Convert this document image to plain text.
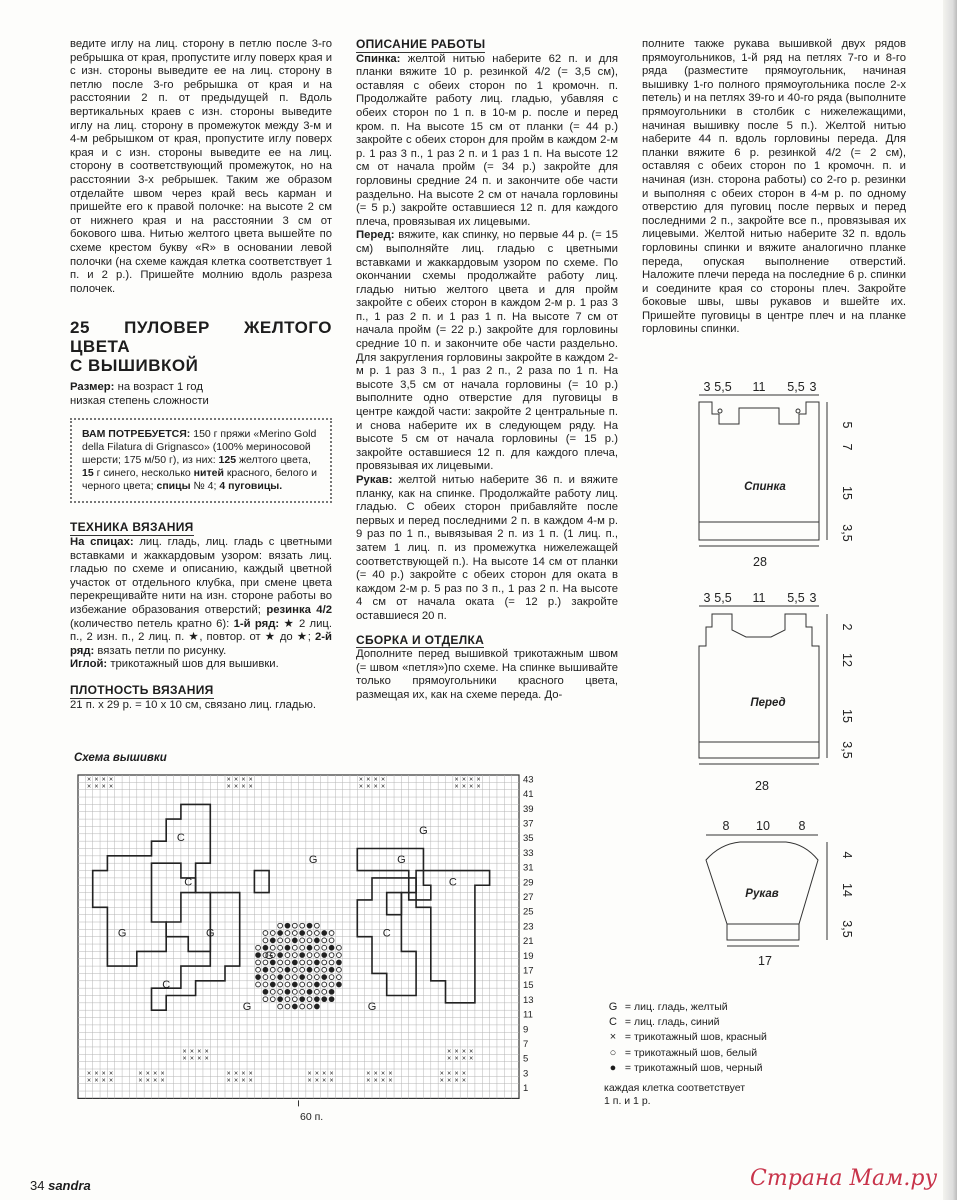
ведите иглу на лиц. сторону в петлю после 3-го ребрышка от края, пропустите иглу поверх края и с изн. стороны выведите ее на лиц. сторону в петлю после 3-го ребрышка от края и на расстоянии 2 п. от предыдущей п. Вдоль вертикальных краев с изн. стороны выведите иглу на лиц. сторону в промежуток между 3-м и 4-м ребрышком от края, пропустите иглу поверх края и с изн. стороны выведите ее на лиц. сторону в соответствующий промежуток, но на расстоянии 3-х ребрышек. Таким же образом отделайте швом через край весь карман и пришейте его к правой полочке: на высоте 2 см от нижнего края и на расстоянии 3 см от бокового шва. Нитью желтого цвета вышейте по схеме крестом букву «R» в основании левой полочки (на схеме каждая клетка соответствует 1 п. и 2 р.). Пришейте молнию вдоль разреза полочек.

25 ПУЛОВЕР ЖЕЛТОГО ЦВЕТА
С ВЫШИВКОЙ

Размер: на возраст 1 год

низкая степень сложности

ВАМ ПОТРЕБУЕТСЯ: 150 г пряжи «Merino Gold della Filatura di Grignasco» (100% мериносовой шерсти; 175 м/50 г), из них: 125 желтого цвета, 15 г синего, несколько нитей красного, белого и черного цвета; спицы № 4; 4 пуговицы.
ТЕХНИКА ВЯЗАНИЯ

На спицах: лиц. гладь, лиц. гладь с цветными вставками и жаккардовым узором: вязать лиц. гладью по схеме и описанию, каждый цветной участок от отдельного клубка, при смене цвета перекрещивайте нити на изн. стороне работы во избежание образования отверстий; резинка 4/2 (количество петель кратно 6): 1-й ряд: ★ 2 лиц. п., 2 изн. п., 2 лиц. п. ★, повтор. от ★ до ★; 2-й ряд: вязать петли по рисунку.
Иглой: трикотажный шов для вышивки.

ПЛОТНОСТЬ ВЯЗАНИЯ

21 п. х 29 р. = 10 х 10 см, связано лиц. гладью.

ОПИСАНИЕ РАБОТЫ

Спинка: желтой нитью наберите 62 п. и для планки вяжите 10 р. резинкой 4/2 (= 3,5 см), оставляя с обеих сторон по 1 кромочн. п. Продолжайте работу лиц. гладью, убавляя с обеих сторон по 1 п. в 10-м р. после и перед кром. п. На высоте 15 см от планки (= 44 р.) закройте с обеих сторон для пройм в каждом 2-м р. 1 раз 3 п., 1 раз 2 п. и 1 раз 1 п. На высоте 12 см от начала пройм (= 34 р.) закройте для горловины средние 24 п. и закончите обе части раздельно. На высоте 2 см от начала горловины (= 5 р.) закройте оставшиеся 12 п. для каждого плеча, провязывая их лицевыми.

Перед: вяжите, как спинку, но первые 44 р. (= 15 см) выполняйте лиц. гладью с цветными вставками и жаккардовым узором по схеме. По окончании схемы продолжайте работу лиц. гладью нитью желтого цвета и для пройм закройте с обеих сторон в каждом 2-м р. 1 раз 3 п., 1 раз 2 п. и 1 раз 1 п. На высоте 7 см от начала пройм (= 22 р.) закройте для горловины средние 10 п. и закончите обе части раздельно. Для закругления горловины закройте в каждом 2-м р. 1 раз 3 п., 1 раз 2 п., 2 раза по 1 п. На высоте 3,5 см от начала горловины (= 10 р.) выполните одно отверстие для пуговицы в центре каждой части: закройте 2 центральные п. и снова наберите их в следующем ряду. На высоте 5 см от начала горловины (= 15 р.) закройте оставшиеся 12 п. для каждого плеча, провязывая их лицевыми.

Рукав: желтой нитью наберите 36 п. и вяжите планку, как на спинке. Продолжайте работу лиц. гладью. С обеих сторон прибавляйте после первых и перед последними 2 п. в каждом 4-м р. 9 раз по 1 п., вывязывая 2 п. из 1 п. (1 лиц. п., затем 1 лиц. п. из промежутка нижележащей соответствующей п.). На высоте 14 см от планки (= 40 р.) закройте с обеих сторон для оката в каждом 2-м р. 5 раз по 3 п., 1 раз 2 п. На высоте 4 см от начала оката (= 12 р.) закройте оставшиеся 20 п.

СБОРКА И ОТДЕЛКА

Дополните перед вышивкой трикотажным швом (= швом «петля»)по схеме. На спинке вышивайте только прямоугольники красного цвета, размещая их, как на схеме переда. До-

полните также рукава вышивкой двух рядов прямоугольников, 1-й ряд на петлях 7-го и 8-го ряда (разместите прямоугольник, начиная вышивку 1-го полного прямоугольника после 2-х петель) и на петлях 39-го и 40-го ряда (выполните прямоугольники в столбик с нижележащими, начиная вышивку после 5 п.). Желтой нитью наберите 44 п. вдоль горловины переда. Для планки вяжите 6 р. резинкой 4/2 (= 2 см), оставляя с обеих сторон по 1 кромочн. п. и начиная (изн. сторона работы) со 2-го р. резинки и выполняя с обеих сторон в 4-м р. по одному отверстию для пуговиц после первых и перед последними 2 п., закройте все п., провязывая их лицевыми. Желтой нитью наберите 32 п. вдоль горловины спинки и вяжите аналогично планке переда, опуская выполнение отверстий. Наложите плечи переда на последние 6 р. спинки и соедините края со стороны плеч. Закройте боковые швы, швы рукавов и вшейте их. Пришейте пуговицы в центре плеч и на планке горловины спинки.

3 5,5 11 5,5 3
Спинка
28
5
7
15
3,5
3 5,5 11 5,5 3
Перед
28
2
12
15
3,5
8 10 8
Рукав
17
4
14
3,5
Схема вышивки
×
×
×
×
×
×
×
×
×
×
×
×
×
×
×
×
×
×
×
×
×
×
×
×
×
×
×
×
×
×
×
×
×
×
×
×
×
×
×
×
×
×
×
×
×
×
×
×
×
×
×
×
×
×
×
×
×
×
×
×
×
×
×
×
×
×
×
×
×
×
×
×
×
×
×
×
×
×
×
×
×
×
×
×
×
×
×
×
×
×
×
×
×
×
×
×
C
C
G
G
C
G
G
C
G	C
G
G
G
43
41
39
37
35
33
31
29
27
25
23
21
19
17
15
13
11
9
7
5
3
1
60 п.
G = лиц. гладь, желтый
C = лиц. гладь, синий
× = трикотажный шов, красный
○ = трикотажный шов, белый
● = трикотажный шов, черный
каждая клетка соответствует
1 п. и 1 р.
34 sandra	Страна Мам.ру
